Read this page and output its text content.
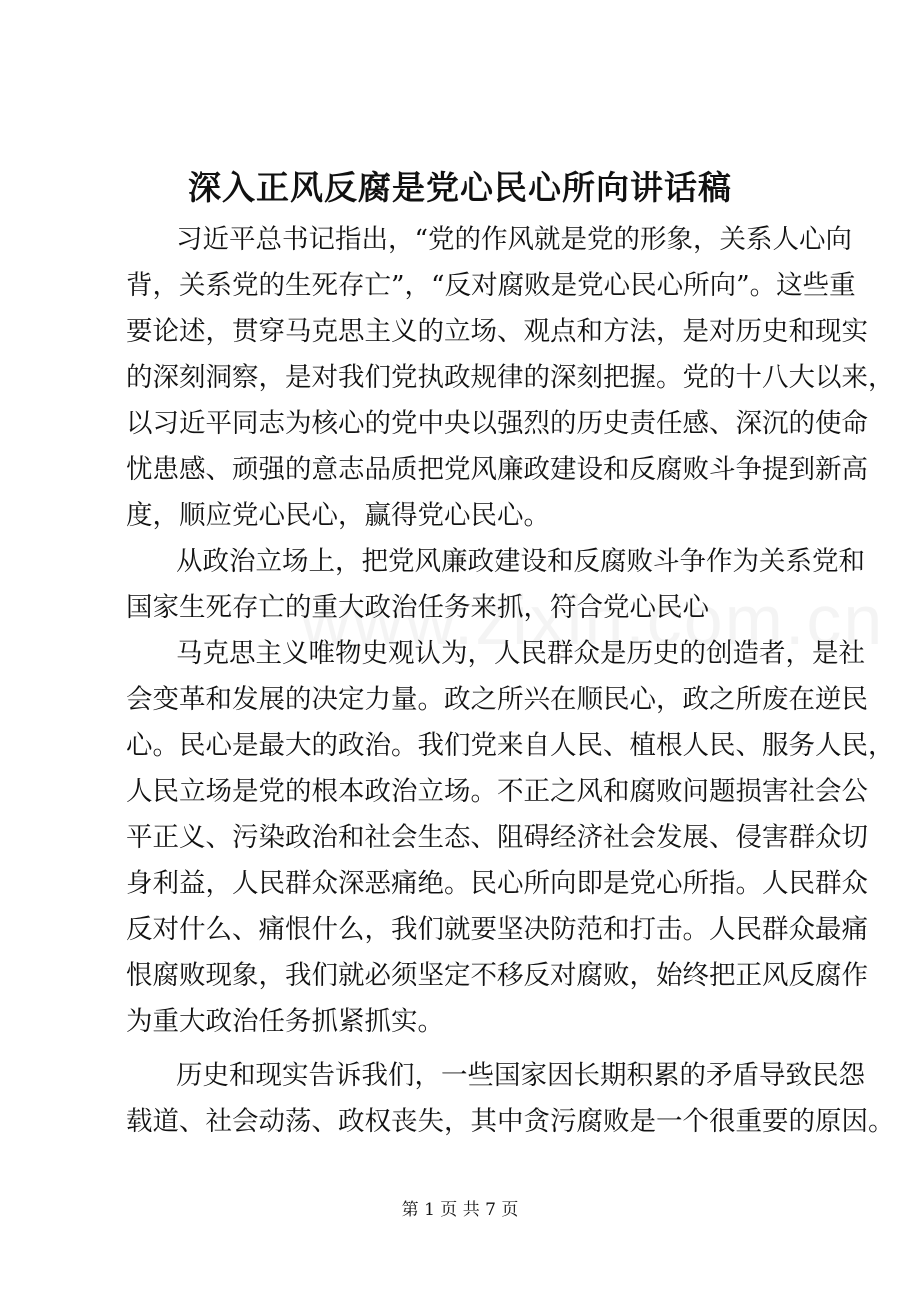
深入正风反腐是党心民心所向讲话稿

习近平总书记指出，“党的作风就是党的形象，关系人心向

背，关系党的生死存亡”，“反对腐败是党心民心所向”。这些重

要论述，贯穿马克思主义的立场、观点和方法，是对历史和现实

的深刻洞察，是对我们党执政规律的深刻把握。党的十八大以来，

以习近平同志为核心的党中央以强烈的历史责任感、深沉的使命

忧患感、顽强的意志品质把党风廉政建设和反腐败斗争提到新高

度，顺应党心民心，赢得党心民心。

从政治立场上，把党风廉政建设和反腐败斗争作为关系党和

国家生死存亡的重大政治任务来抓，符合党心民心

马克思主义唯物史观认为，人民群众是历史的创造者，是社

会变革和发展的决定力量。政之所兴在顺民心，政之所废在逆民

心。民心是最大的政治。我们党来自人民、植根人民、服务人民，

人民立场是党的根本政治立场。不正之风和腐败问题损害社会公

平正义、污染政治和社会生态、阻碍经济社会发展、侵害群众切

身利益，人民群众深恶痛绝。民心所向即是党心所指。人民群众

反对什么、痛恨什么，我们就要坚决防范和打击。人民群众最痛

恨腐败现象，我们就必须坚定不移反对腐败，始终把正风反腐作

为重大政治任务抓紧抓实。

历史和现实告诉我们，一些国家因长期积累的矛盾导致民怨

载道、社会动荡、政权丧失，其中贪污腐败是一个很重要的原因。

第 1 页 共 7 页
